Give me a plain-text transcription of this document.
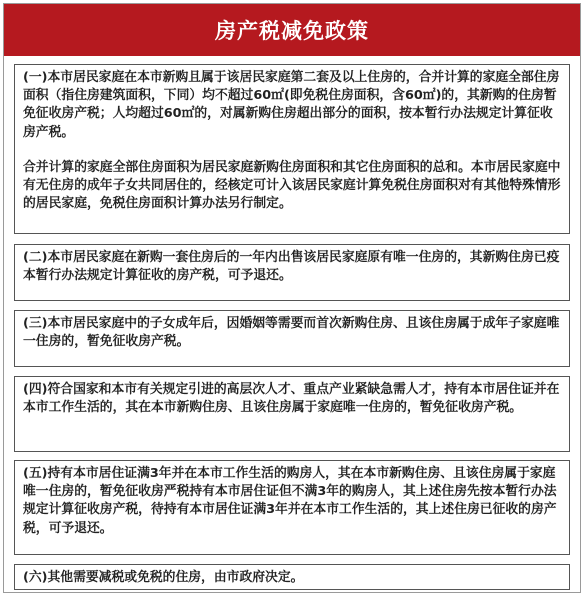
房产税减免政策

(一)本市居民家庭在本市新购且属于该居民家庭第二套及以上住房的，合并计算的家庭全部住房面积（指住房建筑面积，下同）均不超过60㎡(即免税住房面积，含60㎡)的，其新购的住房暂免征收房产税；人均超过60㎡的，对属新购住房超出部分的面积，按本暂行办法规定计算征收房产税。

合并计算的家庭全部住房面积为居民家庭新购住房面积和其它住房面积的总和。本市居民家庭中有无住房的成年子女共同居住的，经核定可计入该居民家庭计算免税住房面积对有其他特殊情形的居民家庭，免税住房面积计算办法另行制定。

(二)本市居民家庭在新购一套住房后的一年内出售该居民家庭原有唯一住房的，其新购住房已疫本暂行办法规定计算征收的房产税，可予退还。

(三)本市居民家庭中的子女成年后，因婚姻等需要而首次新购住房、且该住房属于成年子家庭唯一住房的，暂免征收房产税。

(四)符合国家和本市有关规定引进的高层次人才、重点产业紧缺急需人才，持有本市居住证并在本市工作生活的，其在本市新购住房、且该住房属于家庭唯一住房的，暂免征收房产税。

(五)持有本市居住证满3年并在本市工作生活的购房人，其在本市新购住房、且该住房属于家庭唯一住房的，暂免征收房严税持有本市居住证但不满3年的购房人，其上述住房先按本暂行办法规定计算征收房产税，待持有本市居住证满3年并在本市工作生活的，其上述住房已征收的房产税，可予退还。

(六)其他需要减税或免税的住房，由市政府决定。
